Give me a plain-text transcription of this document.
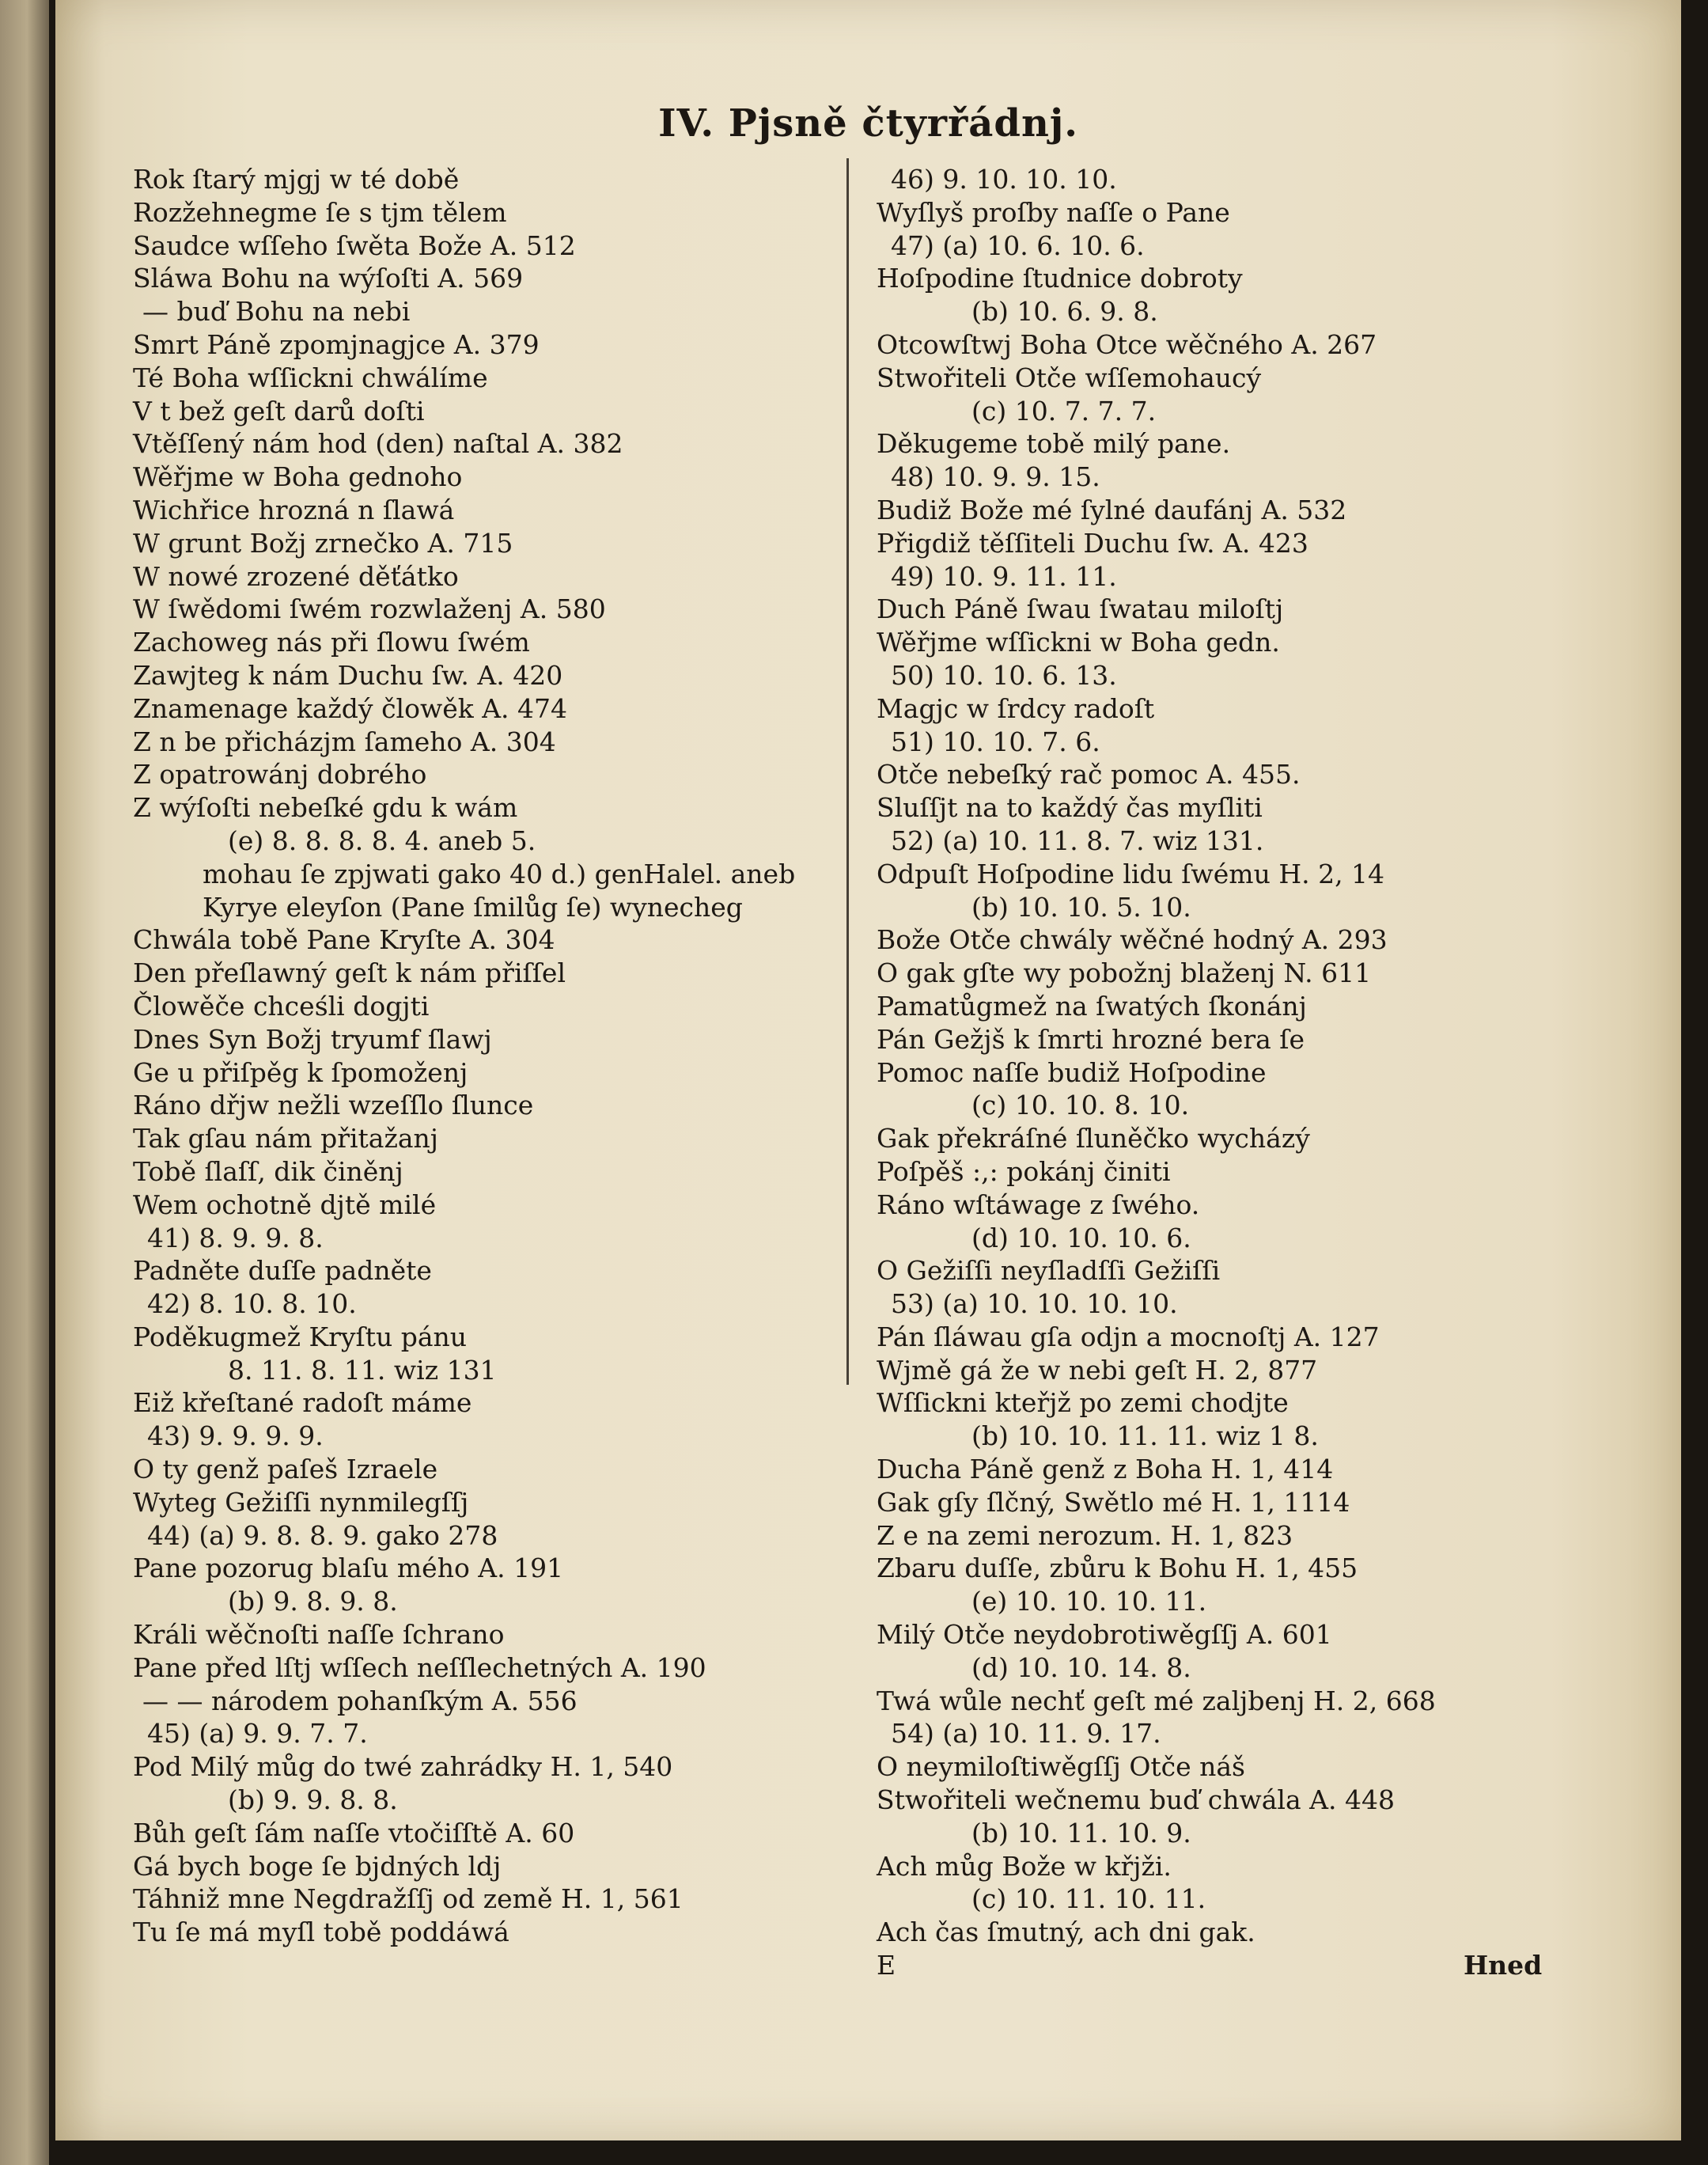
IV. Pjsně čtyrřádnj.
Rok ſtarý mjgj w té době
Rozžehnegme ſe s tjm tělem
Saudce wſſeho ſwěta Bože A. 512
Sláwa Bohu na wýſoſti A. 569
— buď Bohu na nebi
Smrt Páně zpomjnagjce A. 379
Té Boha wſſickni chwálíme
V t bež geſt darů doſti
Vtěſſený nám hod (den) naſtal A. 382
Wěřjme w Boha gednoho
Wichřice hrozná n ſlawá
W grunt Božj zrnečko A. 715
W nowé zrozené děťátko
W ſwědomi ſwém rozwlaženj A. 580
Zachoweg nás při ſlowu ſwém
Zawjteg k nám Duchu ſw. A. 420
Znamenage každý člowěk A. 474
Z n be přicházjm ſameho A. 304
Z opatrowánj dobrého
Z wýſoſti nebeſké gdu k wám
(e) 8. 8. 8. 8. 4. aneb 5.
mohau ſe zpjwati gako 40 d.) genHalel. aneb
Kyrye eleyſon (Pane ſmilůg ſe) wynecheg
Chwála tobě Pane Kryſte A. 304
Den přeſlawný geſt k nám přiſſel
Člowěče chceśli dogjti
Dnes Syn Božj tryumf ſlawj
Ge u přiſpěg k ſpomoženj
Ráno dřjw nežli wzeſſlo ſlunce
Tak gſau nám přitažanj
Tobě ſlaſſ, dik činěnj
Wem ochotně djtě milé
41) 8. 9. 9. 8.
Padněte duſſe padněte
42) 8. 10. 8. 10.
Poděkugmež Kryſtu pánu
8. 11. 8. 11. wiz 131
Eiž křeſtané radoſt máme
43) 9. 9. 9. 9.
O ty genž paſeš Izraele
Wyteg Gežiſſi nynmilegſſj
44) (a) 9. 8. 8. 9. gako 278
Pane pozorug blaſu mého A. 191
(b) 9. 8. 9. 8.
Králi wěčnoſti naſſe ſchrano
Pane před lſtj wſſech neſſlechetných A. 190
— — národem pohanſkým A. 556
45) (a) 9. 9. 7. 7.
Pod Milý můg do twé zahrádky H. 1, 540
(b) 9. 9. 8. 8.
Bůh geſt ſám naſſe vtočiſſtě A. 60
Gá bych boge ſe bjdných ldj
Táhniž mne Negdražſſj od země H. 1, 561
Tu ſe má myſl tobě poddáwá
46) 9. 10. 10. 10.
Wyſlyš proſby naſſe o Pane
47) (a) 10. 6. 10. 6.
Hoſpodine ſtudnice dobroty
(b) 10. 6. 9. 8.
Otcowſtwj Boha Otce wěčného A. 267
Stwořiteli Otče wſſemohaucý
(c) 10. 7. 7. 7.
Děkugeme tobě milý pane.
48) 10. 9. 9. 15.
Budiž Bože mé ſylné daufánj A. 532
Přigdiž těſſiteli Duchu ſw. A. 423
49) 10. 9. 11. 11.
Duch Páně ſwau ſwatau miloſtj
Wěřjme wſſickni w Boha gedn.
50) 10. 10. 6. 13.
Magjc w ſrdcy radoſt
51) 10. 10. 7. 6.
Otče nebeſký rač pomoc A. 455.
Sluſſjt na to každý čas myſliti
52) (a) 10. 11. 8. 7. wiz 131.
Odpuſt Hoſpodine lidu ſwému H. 2, 14
(b) 10. 10. 5. 10.
Bože Otče chwály wěčné hodný A. 293
O gak gſte wy pobožnj blaženj N. 611
Pamatůgmež na ſwatých ſkonánj
Pán Gežjš k ſmrti hrozné bera ſe
Pomoc naſſe budiž Hoſpodine
(c) 10. 10. 8. 10.
Gak překráſné ſluněčko wycházý
Poſpěš :,: pokánj činiti
Ráno wſtáwage z ſwého.
(d) 10. 10. 10. 6.
O Gežiſſi neyſladſſi Gežiſſi
53) (a) 10. 10. 10. 10.
Pán ſláwau gſa odjn a mocnoſtj A. 127
Wjmě gá že w nebi geſt H. 2, 877
Wſſickni kteřjž po zemi chodjte
(b) 10. 10. 11. 11. wiz 1 8.
Ducha Páně genž z Boha H. 1, 414
Gak gſy ſlčný, Swětlo mé H. 1, 1114
Z e na zemi nerozum. H. 1, 823
Zbaru duſſe, zbůru k Bohu H. 1, 455
(e) 10. 10. 10. 11.
Milý Otče neydobrotiwěgſſj A. 601
(d) 10. 10. 14. 8.
Twá wůle nechť geſt mé zaljbenj H. 2, 668
54) (a) 10. 11. 9. 17.
O neymiloſtiwěgſſj Otče náš
Stwořiteli wečnemu buď chwála A. 448
(b) 10. 11. 10. 9.
Ach můg Bože w křjži.
(c) 10. 11. 10. 11.
Ach čas ſmutný, ach dni gak.
E	Hned
